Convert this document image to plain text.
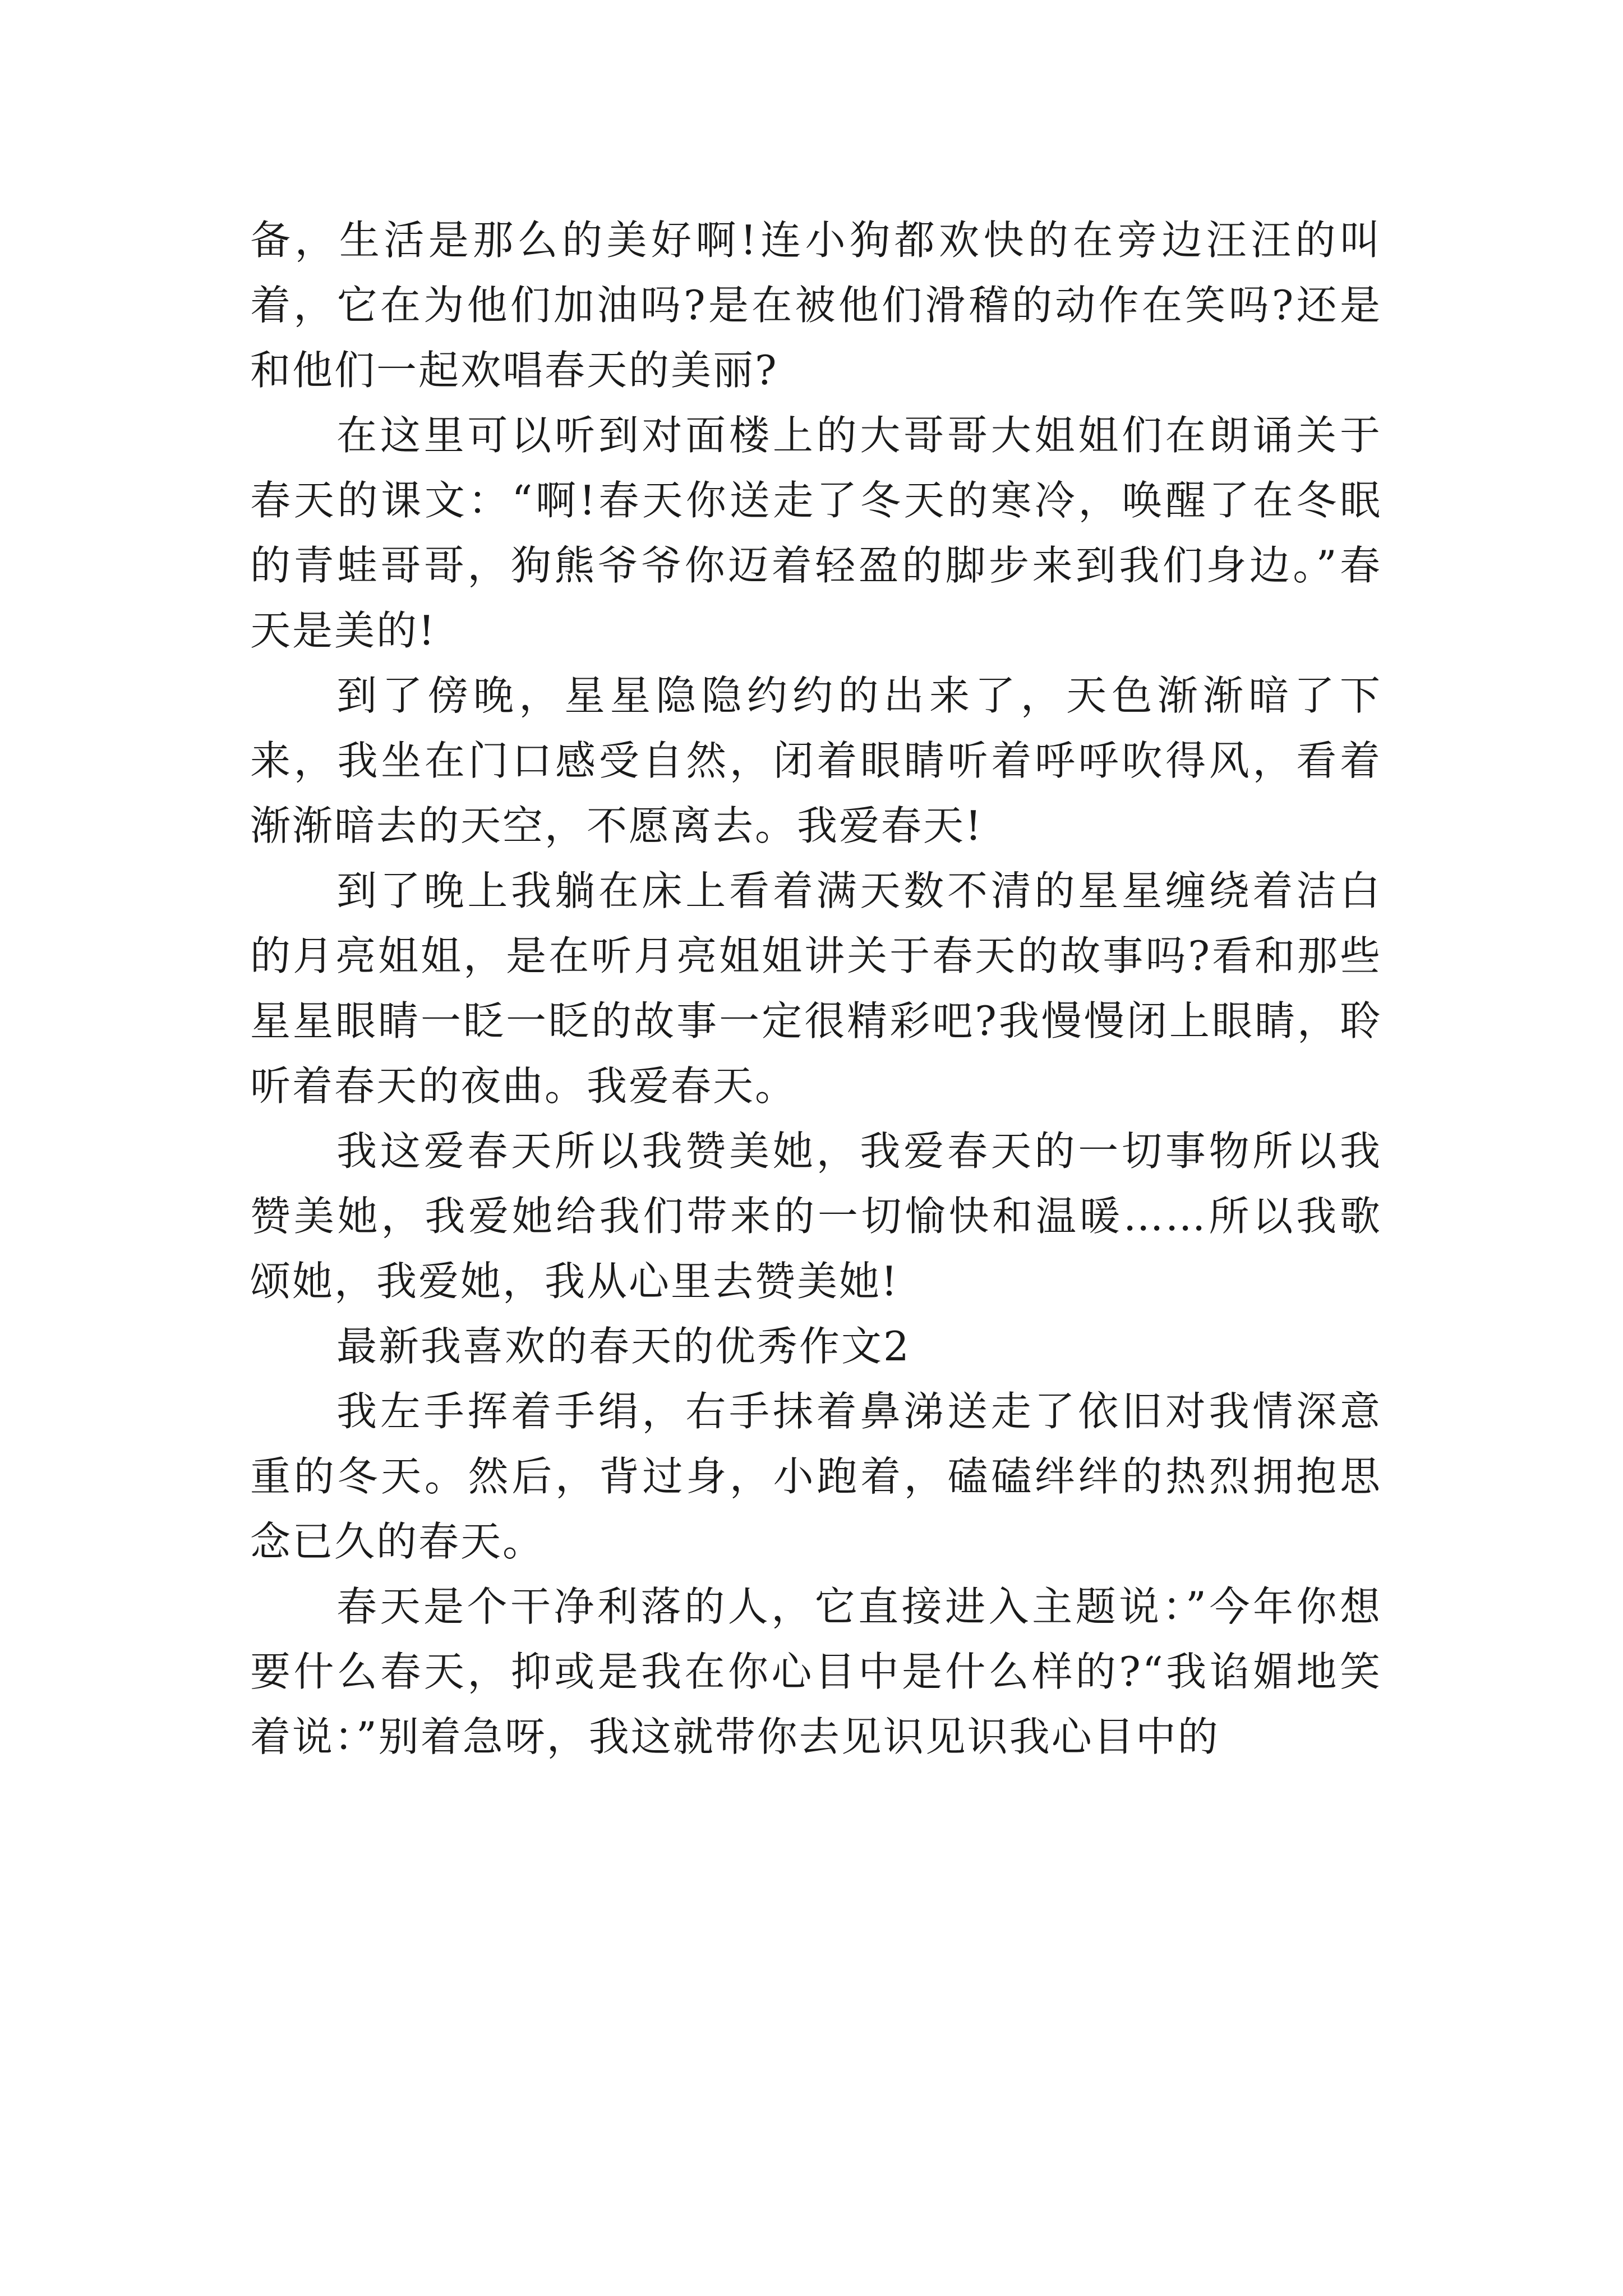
备，生活是那么的美好啊!连小狗都欢快的在旁边汪汪的叫着，它在为他们加油吗?是在被他们滑稽的动作在笑吗?还是和他们一起欢唱春天的美丽?

在这里可以听到对面楼上的大哥哥大姐姐们在朗诵关于春天的课文：“啊!春天你送走了冬天的寒冷，唤醒了在冬眠的青蛙哥哥，狗熊爷爷你迈着轻盈的脚步来到我们身边。”春天是美的!

到了傍晚，星星隐隐约约的出来了，天色渐渐暗了下来，我坐在门口感受自然，闭着眼睛听着呼呼吹得风，看着渐渐暗去的天空，不愿离去。我爱春天!

到了晚上我躺在床上看着满天数不清的星星缠绕着洁白的月亮姐姐，是在听月亮姐姐讲关于春天的故事吗?看和那些星星眼睛一眨一眨的故事一定很精彩吧?我慢慢闭上眼睛，聆听着春天的夜曲。我爱春天。

我这爱春天所以我赞美她，我爱春天的一切事物所以我赞美她，我爱她给我们带来的一切愉快和温暖……所以我歌颂她，我爱她，我从心里去赞美她!

最新我喜欢的春天的优秀作文2

我左手挥着手绢，右手抹着鼻涕送走了依旧对我情深意重的冬天。然后，背过身，小跑着，磕磕绊绊的热烈拥抱思念已久的春天。

春天是个干净利落的人，它直接进入主题说：”今年你想要什么春天，抑或是我在你心目中是什么样的?“我谄媚地笑着说：”别着急呀，我这就带你去见识见识我心目中的
